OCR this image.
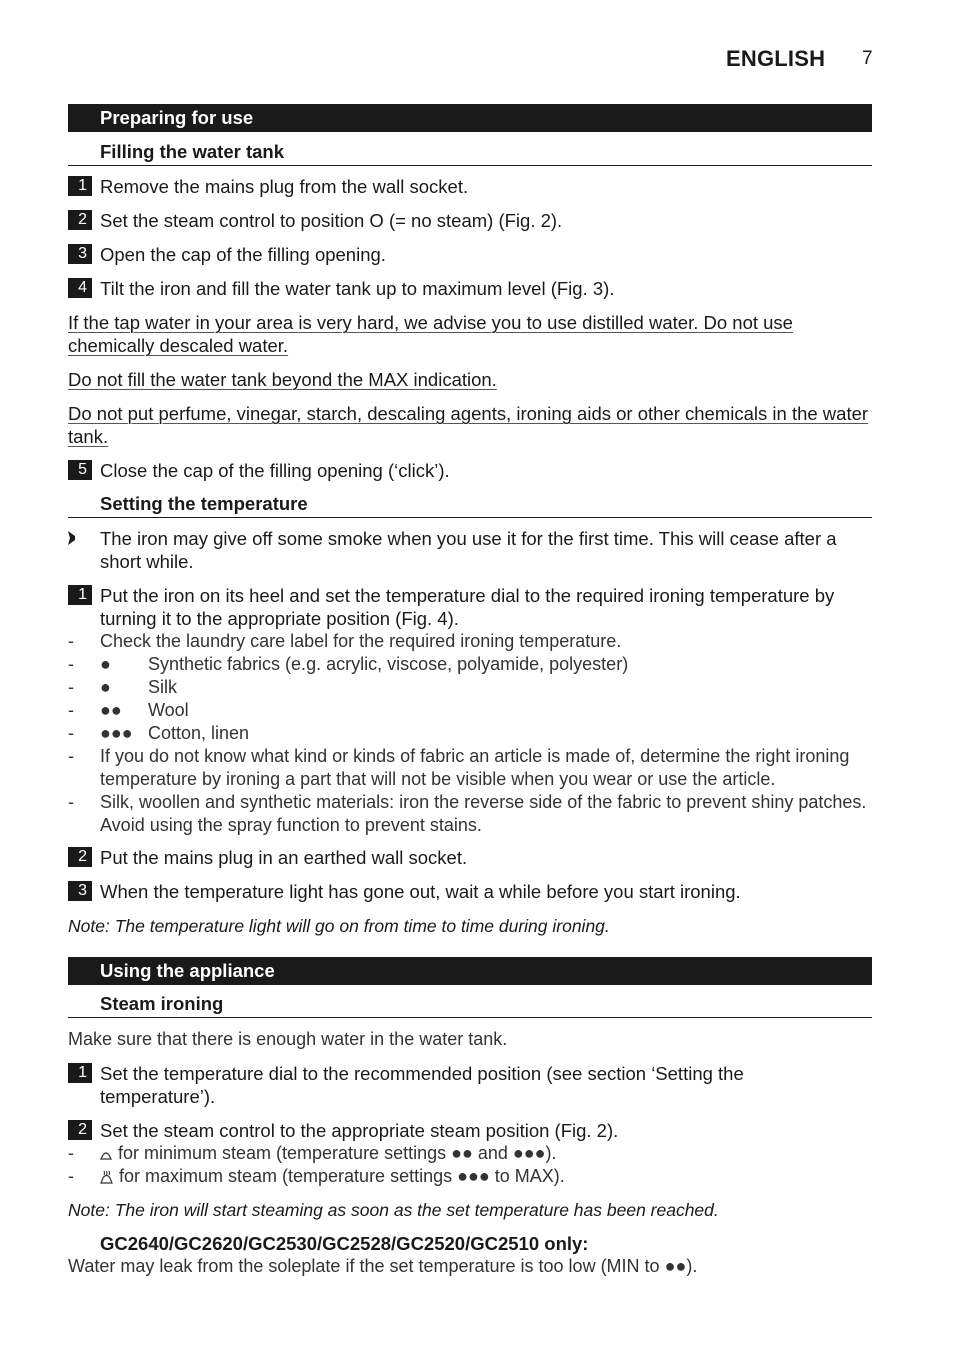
ENGLISH 7
Preparing for use
Filling the water tank
1 Remove the mains plug from the wall socket.
2 Set the steam control to position O (= no steam) (Fig. 2).
3 Open the cap of the filling opening.
4 Tilt the iron and fill the water tank up to maximum level (Fig. 3).
If the tap water in your area is very hard, we advise you to use distilled water. Do not use
chemically descaled water.
Do not fill the water tank beyond the MAX indication.
Do not put perfume, vinegar, starch, descaling agents, ironing aids or other chemicals in the water
tank.
5 Close the cap of the filling opening (‘click’).
Setting the temperature
The iron may give off some smoke when you use it for the first time. This will cease after a
short while.
1 Put the iron on its heel and set the temperature dial to the required ironing temperature by
turning it to the appropriate position (Fig. 4).
- Check the laundry care label for the required ironing temperature.
- ● Synthetic fabrics (e.g. acrylic, viscose, polyamide, polyester)
- ● Silk
- ●● Wool
- ●●● Cotton, linen
- If you do not know what kind or kinds of fabric an article is made of, determine the right ironing
temperature by ironing a part that will not be visible when you wear or use the article.
- Silk, woollen and synthetic materials: iron the reverse side of the fabric to prevent shiny patches.
Avoid using the spray function to prevent stains.
2 Put the mains plug in an earthed wall socket.
3 When the temperature light has gone out, wait a while before you start ironing.
Note: The temperature light will go on from time to time during ironing.
Using the appliance
Steam ironing
Make sure that there is enough water in the water tank.
1 Set the temperature dial to the recommended position (see section ‘Setting the
temperature’).
2 Set the steam control to the appropriate steam position (Fig. 2).
-	for minimum steam (temperature settings ●● and ●●●).
-	for maximum steam (temperature settings ●●● to MAX).
Note: The iron will start steaming as soon as the set temperature has been reached.
GC2640/GC2620/GC2530/GC2528/GC2520/GC2510 only:
Water may leak from the soleplate if the set temperature is too low (MIN to ●●).
